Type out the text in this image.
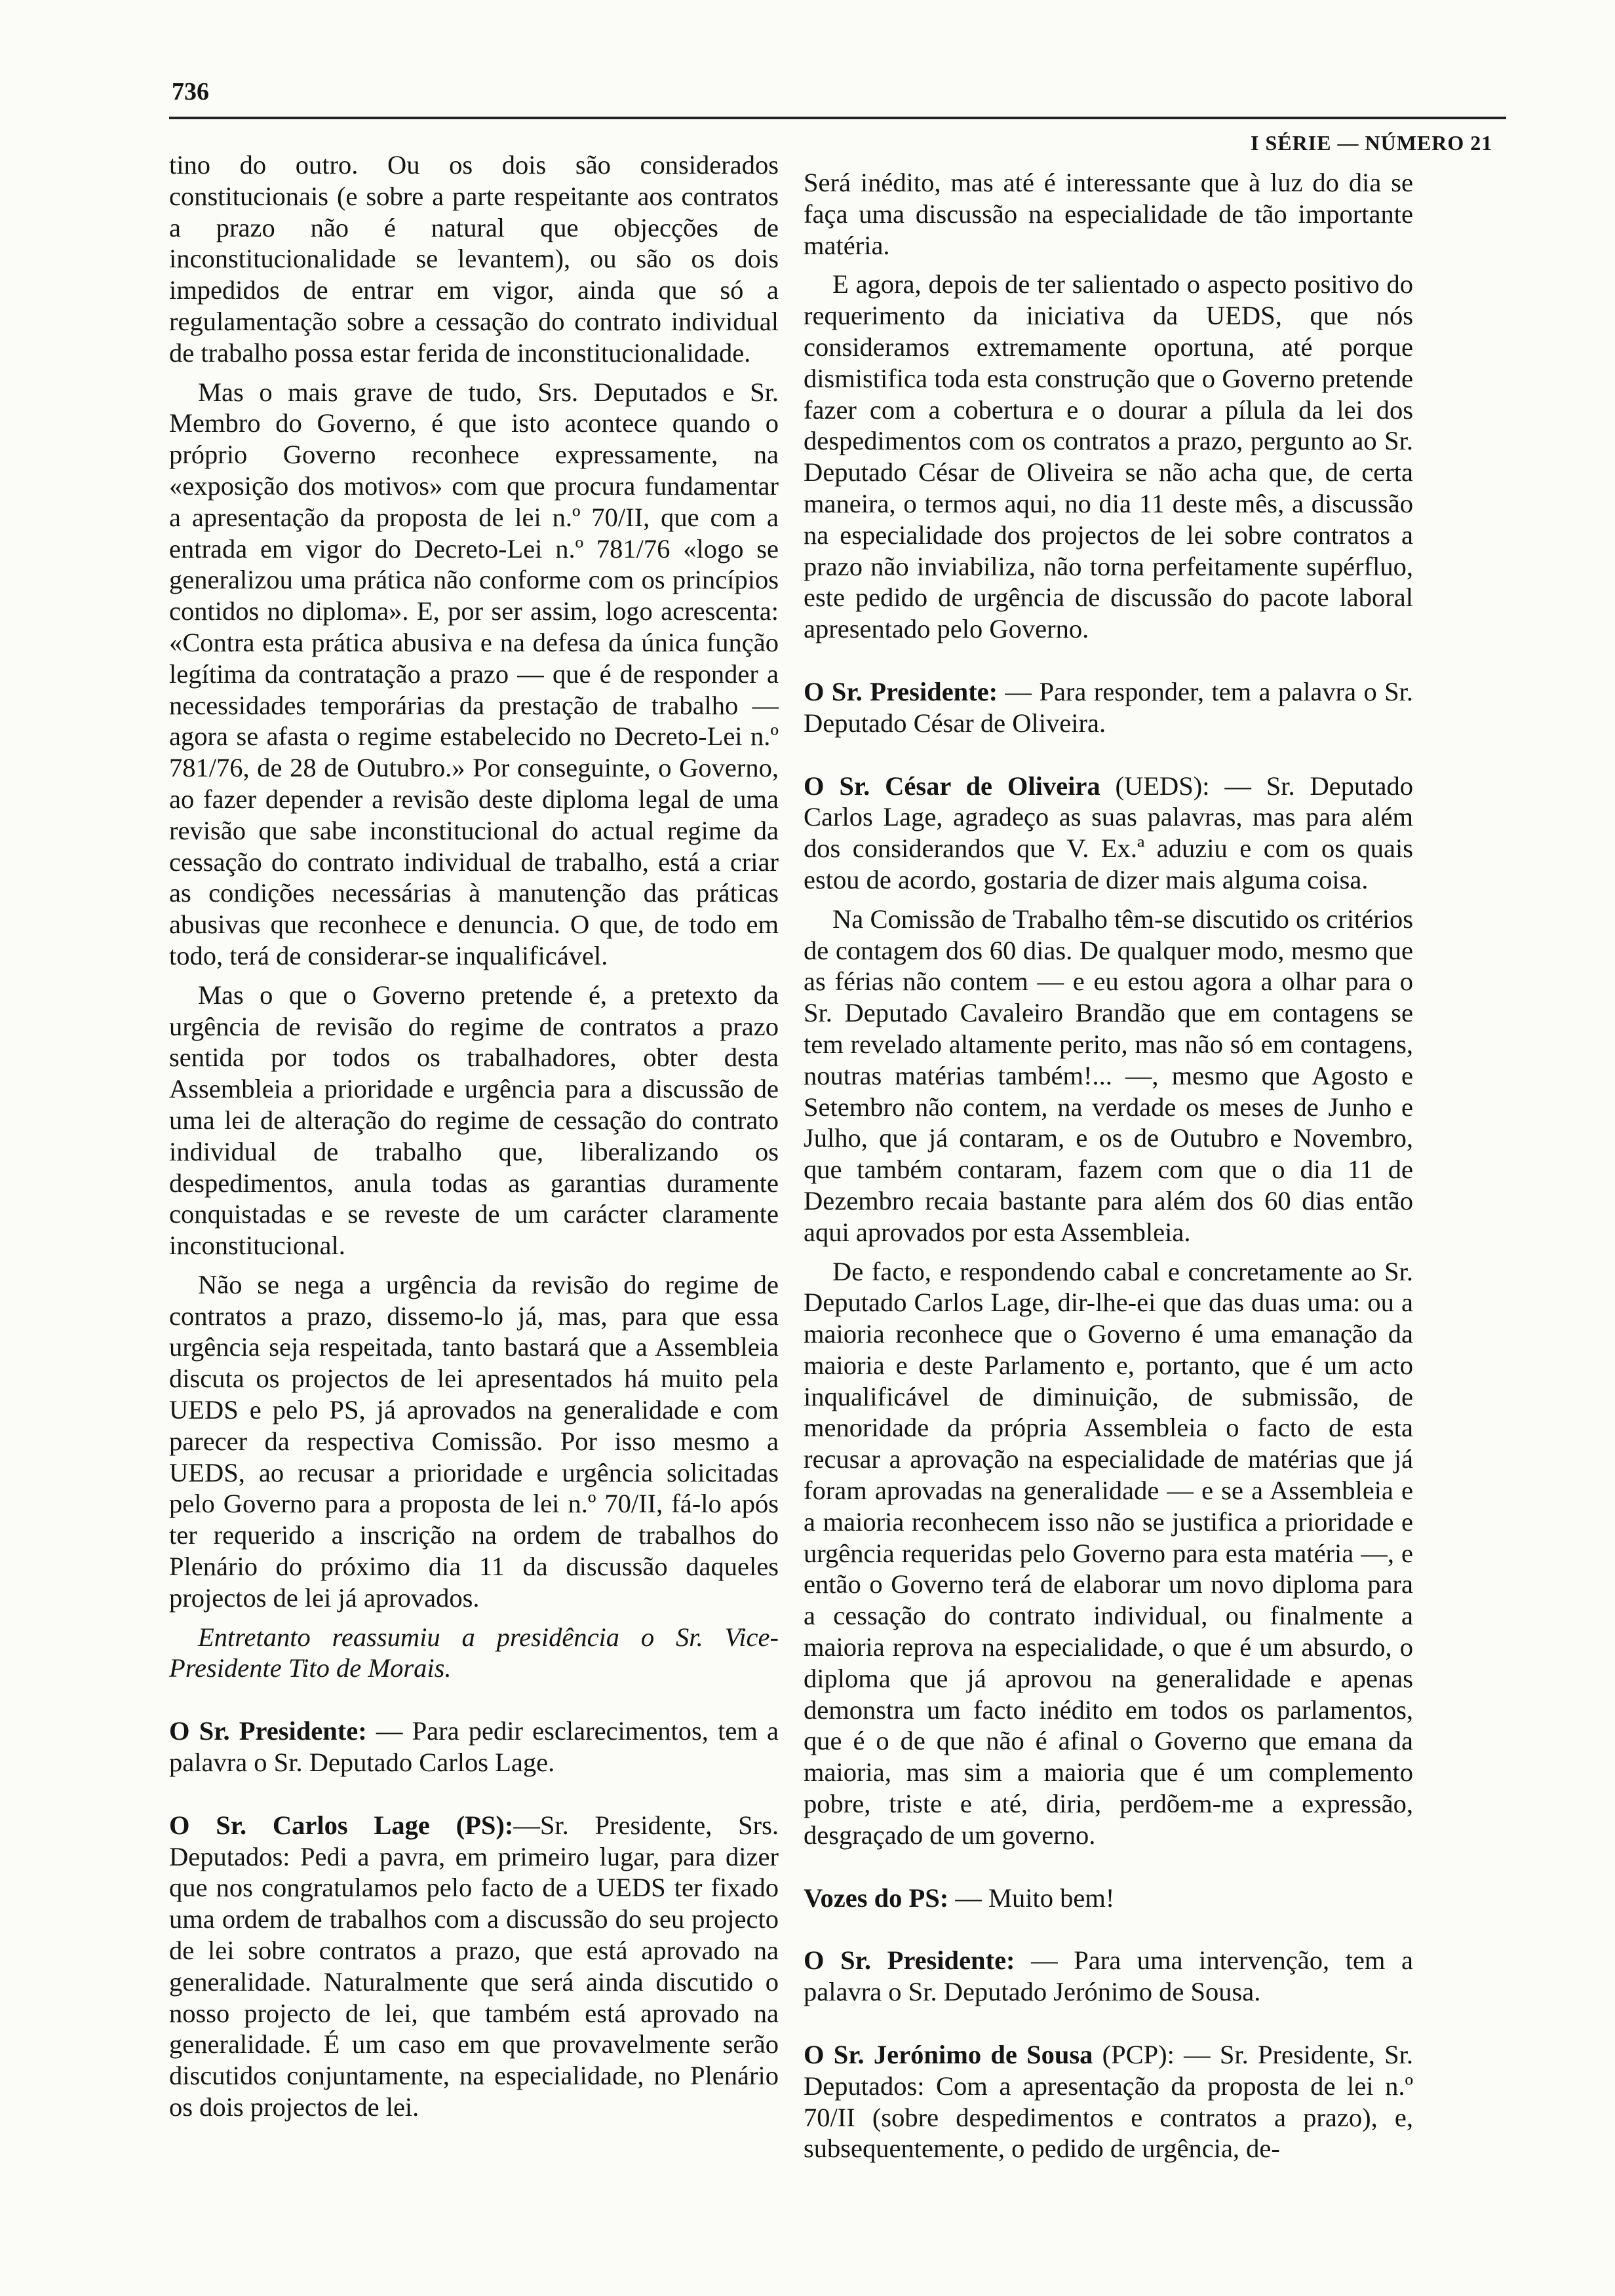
736
I SÉRIE — NÚMERO 21

tino do outro. Ou os dois são considerados constitucionais (e sobre a parte respeitante aos contratos a prazo não é natural que objecções de inconstitucionalidade se levantem), ou são os dois impedidos de entrar em vigor, ainda que só a regulamentação sobre a cessação do contrato individual de trabalho possa estar ferida de inconstitucionalidade.

Mas o mais grave de tudo, Srs. Deputados e Sr. Membro do Governo, é que isto acontece quando o próprio Governo reconhece expressamente, na «exposição dos motivos» com que procura fundamentar a apresentação da proposta de lei n.º 70/II, que com a entrada em vigor do Decreto-Lei n.º 781/76 «logo se generalizou uma prática não conforme com os princípios contidos no diploma». E, por ser assim, logo acrescenta: «Contra esta prática abusiva e na defesa da única função legítima da contratação a prazo — que é de responder a necessidades temporárias da prestação de trabalho — agora se afasta o regime estabelecido no Decreto-Lei n.º 781/76, de 28 de Outubro.» Por conseguinte, o Governo, ao fazer depender a revisão deste diploma legal de uma revisão que sabe inconstitucional do actual regime da cessação do contrato individual de trabalho, está a criar as condições necessárias à manutenção das práticas abusivas que reconhece e denuncia. O que, de todo em todo, terá de considerar-se inqualificável.

Mas o que o Governo pretende é, a pretexto da urgência de revisão do regime de contratos a prazo sentida por todos os trabalhadores, obter desta Assembleia a prioridade e urgência para a discussão de uma lei de alteração do regime de cessação do contrato individual de trabalho que, liberalizando os despedimentos, anula todas as garantias duramente conquistadas e se reveste de um carácter claramente inconstitucional.

Não se nega a urgência da revisão do regime de contratos a prazo, dissemo-lo já, mas, para que essa urgência seja respeitada, tanto bastará que a Assembleia discuta os projectos de lei apresentados há muito pela UEDS e pelo PS, já aprovados na generalidade e com parecer da respectiva Comissão. Por isso mesmo a UEDS, ao recusar a prioridade e urgência solicitadas pelo Governo para a proposta de lei n.º 70/II, fá-lo após ter requerido a inscrição na ordem de trabalhos do Plenário do próximo dia 11 da discussão daqueles projectos de lei já aprovados.

Entretanto reassumiu a presidência o Sr. Vice-Presidente Tito de Morais.

O Sr. Presidente: — Para pedir esclarecimentos, tem a palavra o Sr. Deputado Carlos Lage.

O Sr. Carlos Lage (PS):—Sr. Presidente, Srs. Deputados: Pedi a pavra, em primeiro lugar, para dizer que nos congratulamos pelo facto de a UEDS ter fixado uma ordem de trabalhos com a discussão do seu projecto de lei sobre contratos a prazo, que está aprovado na generalidade. Naturalmente que será ainda discutido o nosso projecto de lei, que também está aprovado na generalidade. É um caso em que provavelmente serão discutidos conjuntamente, na especialidade, no Plenário os dois projectos de lei.

Será inédito, mas até é interessante que à luz do dia se faça uma discussão na especialidade de tão importante matéria.

E agora, depois de ter salientado o aspecto positivo do requerimento da iniciativa da UEDS, que nós consideramos extremamente oportuna, até porque dismistifica toda esta construção que o Governo pretende fazer com a cobertura e o dourar a pílula da lei dos despedimentos com os contratos a prazo, pergunto ao Sr. Deputado César de Oliveira se não acha que, de certa maneira, o termos aqui, no dia 11 deste mês, a discussão na especialidade dos projectos de lei sobre contratos a prazo não inviabiliza, não torna perfeitamente supérfluo, este pedido de urgência de discussão do pacote laboral apresentado pelo Governo.

O Sr. Presidente: — Para responder, tem a palavra o Sr. Deputado César de Oliveira.

O Sr. César de Oliveira (UEDS): — Sr. Deputado Carlos Lage, agradeço as suas palavras, mas para além dos considerandos que V. Ex.ª aduziu e com os quais estou de acordo, gostaria de dizer mais alguma coisa.

Na Comissão de Trabalho têm-se discutido os critérios de contagem dos 60 dias. De qualquer modo, mesmo que as férias não contem — e eu estou agora a olhar para o Sr. Deputado Cavaleiro Brandão que em contagens se tem revelado altamente perito, mas não só em contagens, noutras matérias também!... —, mesmo que Agosto e Setembro não contem, na verdade os meses de Junho e Julho, que já contaram, e os de Outubro e Novembro, que também contaram, fazem com que o dia 11 de Dezembro recaia bastante para além dos 60 dias então aqui aprovados por esta Assembleia.

De facto, e respondendo cabal e concretamente ao Sr. Deputado Carlos Lage, dir-lhe-ei que das duas uma: ou a maioria reconhece que o Governo é uma emanação da maioria e deste Parlamento e, portanto, que é um acto inqualificável de diminuição, de submissão, de menoridade da própria Assembleia o facto de esta recusar a aprovação na especialidade de matérias que já foram aprovadas na generalidade — e se a Assembleia e a maioria reconhecem isso não se justifica a prioridade e urgência requeridas pelo Governo para esta matéria —, e então o Governo terá de elaborar um novo diploma para a cessação do contrato individual, ou finalmente a maioria reprova na especialidade, o que é um absurdo, o diploma que já aprovou na generalidade e apenas demonstra um facto inédito em todos os parlamentos, que é o de que não é afinal o Governo que emana da maioria, mas sim a maioria que é um complemento pobre, triste e até, diria, perdõem-me a expressão, desgraçado de um governo.

Vozes do PS: — Muito bem!

O Sr. Presidente: — Para uma intervenção, tem a palavra o Sr. Deputado Jerónimo de Sousa.

O Sr. Jerónimo de Sousa (PCP): — Sr. Presidente, Sr. Deputados: Com a apresentação da proposta de lei n.º 70/II (sobre despedimentos e contratos a prazo), e, subsequentemente, o pedido de urgência, de-
